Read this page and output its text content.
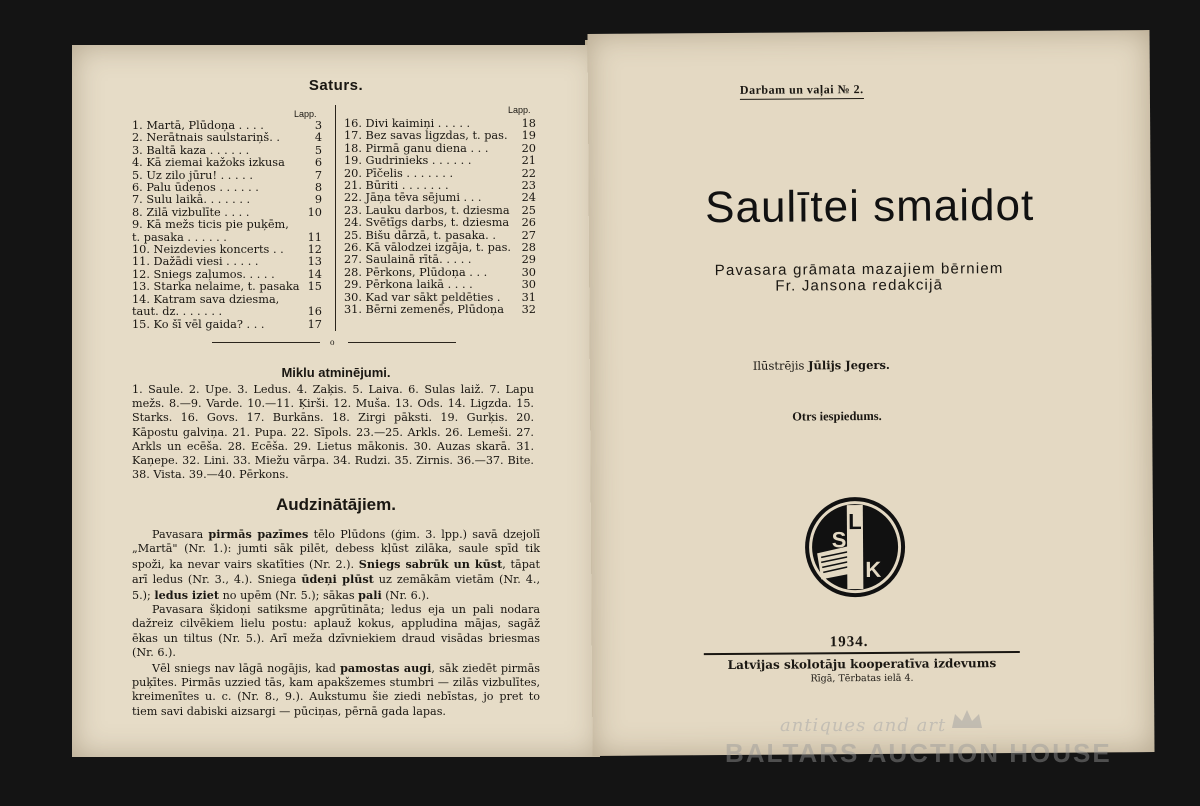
Saturs.
Lapp.	Lapp.
1. Martā, Plūdoņa . . . .	3
2. Nerātnais saulstariņš. .	4
3. Baltā kaza . . . . . .	5
4. Kā ziemai kažoks izkusa	6
5. Uz zilo jūru! . . . . .	7
6. Palu ūdeņos . . . . . .	8
7. Sulu laikā. . . . . . .	9
8. Zilā vizbulīte . . . .	10
9. Kā mežs ticis pie puķēm,
t. pasaka . . . . . .	11
10. Neizdevies koncerts . .	12
11. Dažādi viesi . . . . .	13
12. Sniegs zaļumos. . . . .	14
13. Starka nelaime, t. pasaka 15
14. Katram sava dziesma,
taut. dz. . . . . . .	16
15. Ko šī vēl gaida? . . .	17
16. Divi kaimiņi . . . . .	18
17. Bez savas ligzdas, t. pas.	19
18. Pirmā ganu diena . . .	20
19. Gudrinieks . . . . . .	21
20. Pīčelis . . . . . . .	22
21. Būriti . . . . . . .	23
22. Jāņa tēva sējumi . . .	24
23. Lauku darbos, t. dziesma	25
24. Svētīgs darbs, t. dziesma	26
25. Bišu dārzā, t. pasaka. .	27
26. Kā vālodzei izgāja, t. pas. 28
27. Saulainā rītā. . . . .	29
28. Pērkons, Plūdoņa . . .	30
29. Pērkona laikā . . . .	30
30. Kad var sākt peldēties .	31
31. Bērni zemenēs, Plūdoņa	32
o
Miklu atminējumi.
1. Saule. 2. Upe. 3. Ledus. 4. Zaķis. 5. Laiva. 6. Sulas laiž. 7. Lapu mežs. 8.—9. Varde. 10.—11. Ķirši. 12. Muša. 13. Ods. 14. Ligzda. 15. Starks. 16. Govs. 17. Burkāns. 18. Zirgi pāksti. 19. Gurķis. 20. Kāpostu galviņa. 21. Pupa. 22. Sīpols. 23.—25. Arkls. 26. Lemeši. 27. Arkls un ecēša. 28. Ecēša. 29. Lietus mākonis. 30. Auzas skarā. 31. Kaņepe. 32. Lini. 33. Miežu vārpa. 34. Rudzi. 35. Zirnis. 36.—37. Bite. 38. Vista. 39.—40. Pērkons.
Audzinātājiem.

Pavasara pirmās pazīmes tēlo Plūdons (ģim. 3. lpp.) savā dzejolī „Martā" (Nr. 1.): jumti sāk pilēt, debess kļūst zilāka, saule spīd tik spoži, ka nevar vairs skatīties (Nr. 2.). Sniegs sabrūk un kūst, tāpat arī ledus (Nr. 3., 4.). Sniega ūdeņi plūst uz zemākām vietām (Nr. 4., 5.); ledus iziet no upēm (Nr. 5.); sākas pali (Nr. 6.).

Pavasara šķidoņi satiksme apgrūtināta; ledus eja un pali nodara dažreiz cilvēkiem lielu postu: aplauž kokus, appludina mājas, sagāž ēkas un tiltus (Nr. 5.). Arī meža dzīvniekiem draud visādas briesmas (Nr. 6.).

Vēl sniegs nav lāgā nogājis, kad pamostas augi, sāk ziedēt pirmās puķītes. Pirmās uzzied tās, kam apakšzemes stumbri — zilās vizbulītes, kreimenītes u. c. (Nr. 8., 9.). Aukstumu šie ziedi nebīstas, jo pret to tiem savi dabiski aizsargi — pūciņas, pērnā gada lapas.

Darbam un vaļai № 2.
Saulītei smaidot
Pavasara grāmata mazajiem bērniem
Fr. Jansona redakcijā
Ilūstrējis Jūlijs Jegers.
Otrs iespiedums.
L
S
K
1934.
Latvijas skolotāju kooperatīva izdevums
Rīgā, Tērbatas ielā 4.
antiques and art
BALTARS AUCTION HOUSE
